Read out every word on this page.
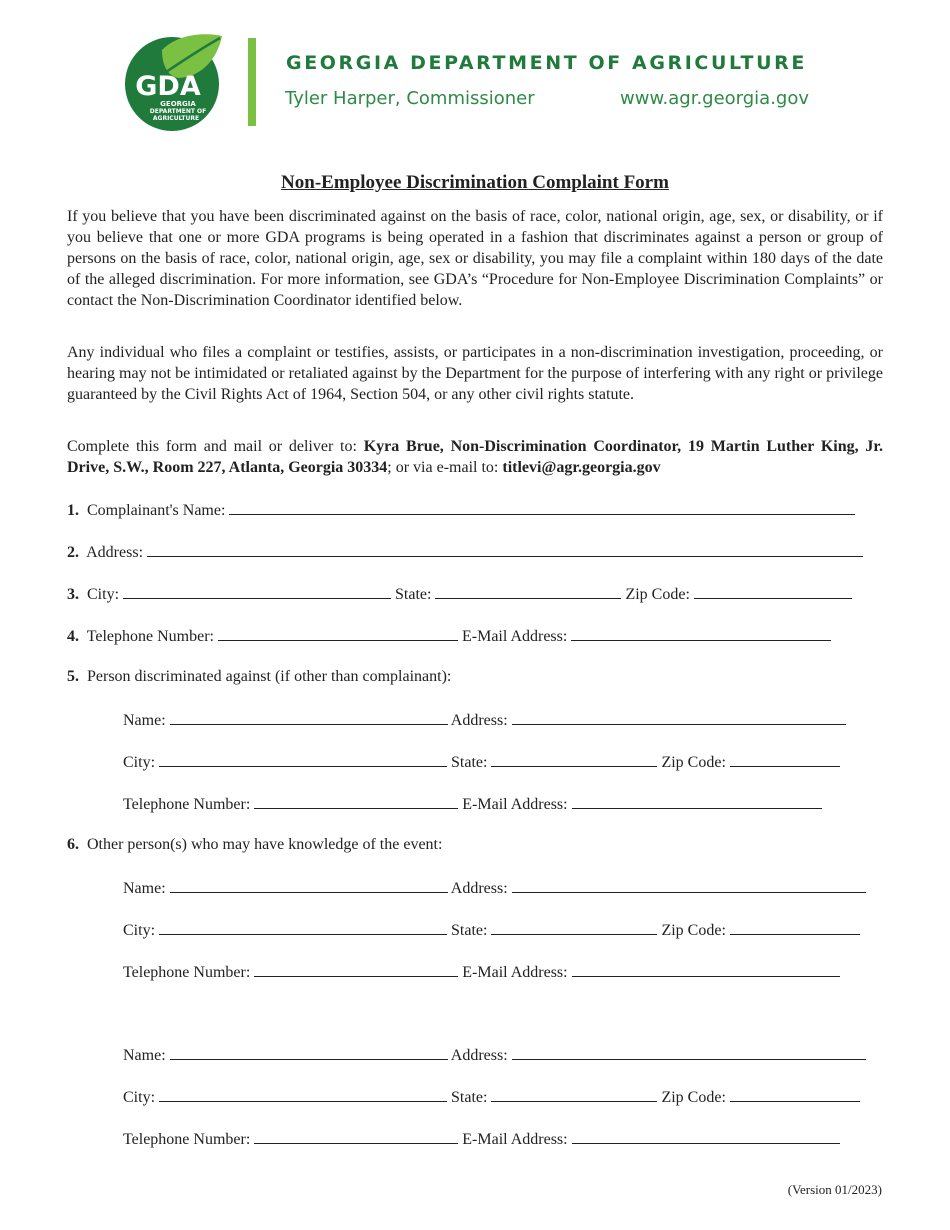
GDA
GEORGIA
DEPARTMENT OF
AGRICULTURE
GEORGIA DEPARTMENT OF AGRICULTURE
Tyler Harper, Commissioner	www.agr.georgia.gov
Non-Employee Discrimination Complaint Form

If you believe that you have been discriminated against on the basis of race, color, national origin, age, sex, or disability, or if you believe that one or more GDA programs is being operated in a fashion that discriminates against a person or group of persons on the basis of race, color, national origin, age, sex or disability, you may file a complaint within 180 days of the date of the alleged discrimination. For more information, see GDA’s “Procedure for Non-Employee Discrimination Complaints” or contact the Non-Discrimination Coordinator identified below.

Any individual who files a complaint or testifies, assists, or participates in a non-discrimination investigation, proceeding, or hearing may not be intimidated or retaliated against by the Department for the purpose of interfering with any right or privilege guaranteed by the Civil Rights Act of 1964, Section 504, or any other civil rights statute.

Complete this form and mail or deliver to: Kyra Brue, Non-Discrimination Coordinator, 19 Martin Luther King, Jr. Drive, S.W., Room 227, Atlanta, Georgia 30334; or via e-mail to: titlevi@agr.georgia.gov

1. Complainant's Name:
2. Address:
3. City:	State:	Zip Code:
4. Telephone Number:	E-Mail Address:
5. Person discriminated against (if other than complainant):
Name:	Address:
City:	State:	Zip Code:
Telephone Number:	E-Mail Address:
6. Other person(s) who may have knowledge of the event:
Name:	Address:
City:	State:	Zip Code:
Telephone Number:	E-Mail Address:
Name:	Address:
City:	State:	Zip Code:
Telephone Number:	E-Mail Address:
(Version 01/2023)
